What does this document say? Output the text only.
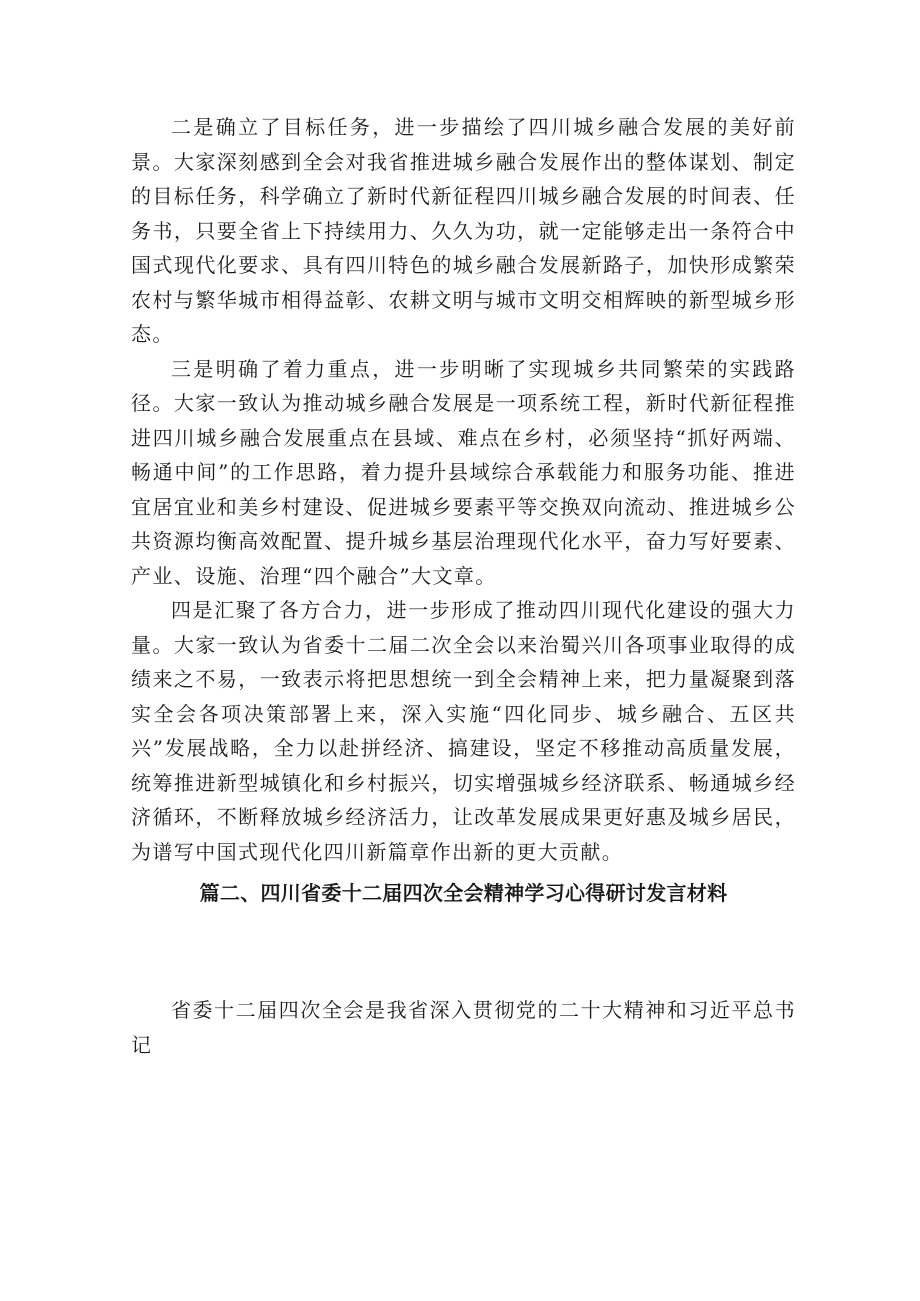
二是确立了目标任务，进一步描绘了四川城乡融合发展的美好前景。大家深刻感到全会对我省推进城乡融合发展作出的整体谋划、制定的目标任务，科学确立了新时代新征程四川城乡融合发展的时间表、任务书，只要全省上下持续用力、久久为功，就一定能够走出一条符合中国式现代化要求、具有四川特色的城乡融合发展新路子，加快形成繁荣农村与繁华城市相得益彰、农耕文明与城市文明交相辉映的新型城乡形态。

三是明确了着力重点，进一步明晰了实现城乡共同繁荣的实践路径。大家一致认为推动城乡融合发展是一项系统工程，新时代新征程推进四川城乡融合发展重点在县域、难点在乡村，必须坚持“抓好两端、畅通中间”的工作思路，着力提升县域综合承载能力和服务功能、推进宜居宜业和美乡村建设、促进城乡要素平等交换双向流动、推进城乡公共资源均衡高效配置、提升城乡基层治理现代化水平，奋力写好要素、产业、设施、治理“四个融合”大文章。

四是汇聚了各方合力，进一步形成了推动四川现代化建设的强大力量。大家一致认为省委十二届二次全会以来治蜀兴川各项事业取得的成绩来之不易，一致表示将把思想统一到全会精神上来，把力量凝聚到落实全会各项决策部署上来，深入实施“四化同步、城乡融合、五区共兴”发展战略，全力以赴拼经济、搞建设，坚定不移推动高质量发展，统筹推进新型城镇化和乡村振兴，切实增强城乡经济联系、畅通城乡经济循环，不断释放城乡经济活力，让改革发展成果更好惠及城乡居民，为谱写中国式现代化四川新篇章作出新的更大贡献。

篇二、四川省委十二届四次全会精神学习心得研讨发言材料

省委十二届四次全会是我省深入贯彻党的二十大精神和习近平总书记
